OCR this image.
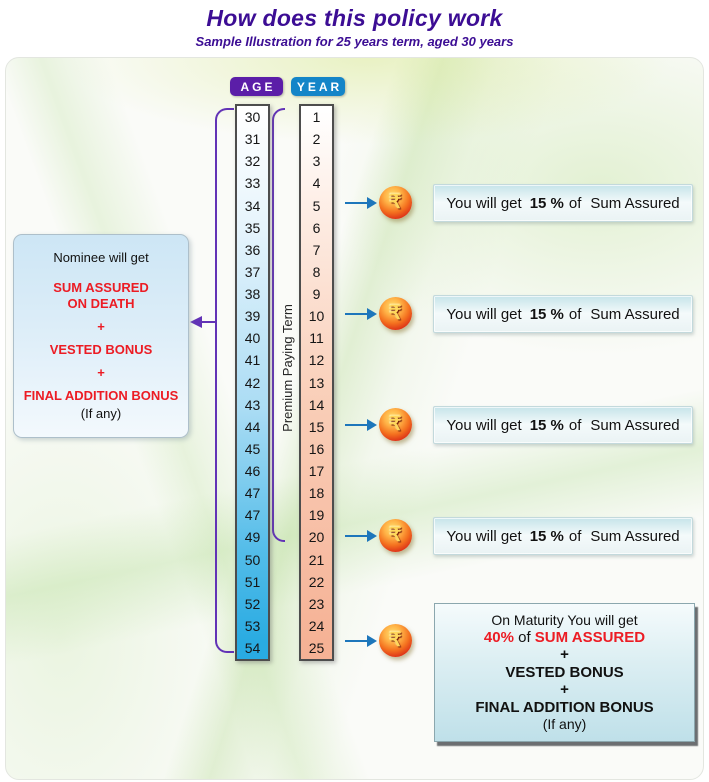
How does this policy work
Sample Illustration for 25 years term, aged 30 years
AGE	YEAR
Premium Paying Term
30
31
32
33
34
35
36
37
38
39
40
41
42
43
44
45
46
47
47
49
50
51
52
53
54
1
2
3
4
5
6
7
8
9
10
11
12
13
14
15
16
17
18
19
20
21
22
23
24
25
Nominee will get
SUM ASSURED
ON DEATH
+
VESTED BONUS
+
FINAL ADDITION BONUS
(If any)
₹
₹
₹
₹
₹
You will get 15 % of Sum Assured
You will get 15 % of Sum Assured
You will get 15 % of Sum Assured
You will get 15 % of Sum Assured
On Maturity You will get
40% of SUM ASSURED
+
VESTED BONUS
+
FINAL ADDITION BONUS
(If any)
